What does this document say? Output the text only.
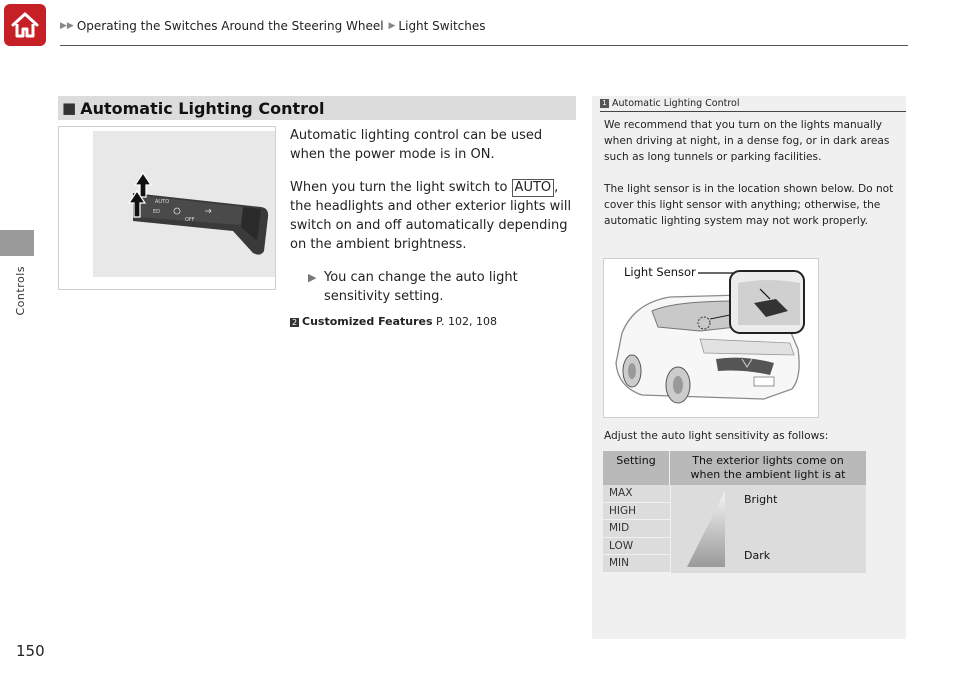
▶▶ Operating the Switches Around the Steering Wheel ▶ Light Switches
Controls
150
■ Automatic Lighting Control
AUTO
ED
OFF

Automatic lighting control can be used when the power mode is in ON.

When you turn the light switch to AUTO , the headlights and other exterior lights will switch on and off automatically depending on the ambient brightness.

▶ You can change the auto light sensitivity setting.
2 Customized Features P. 102, 108
1 Automatic Lighting Control
We recommend that you turn on the lights manually when driving at night, in a dense fog, or in dark areas such as long tunnels or parking facilities.
The light sensor is in the location shown below. Do not cover this light sensor with anything; otherwise, the automatic lighting system may not work properly.
Light Sensor
Adjust the auto light sensitivity as follows:
Setting	The exterior lights come on when the ambient light is at
MAX
HIGH
MID
LOW
MIN
Bright
Dark
